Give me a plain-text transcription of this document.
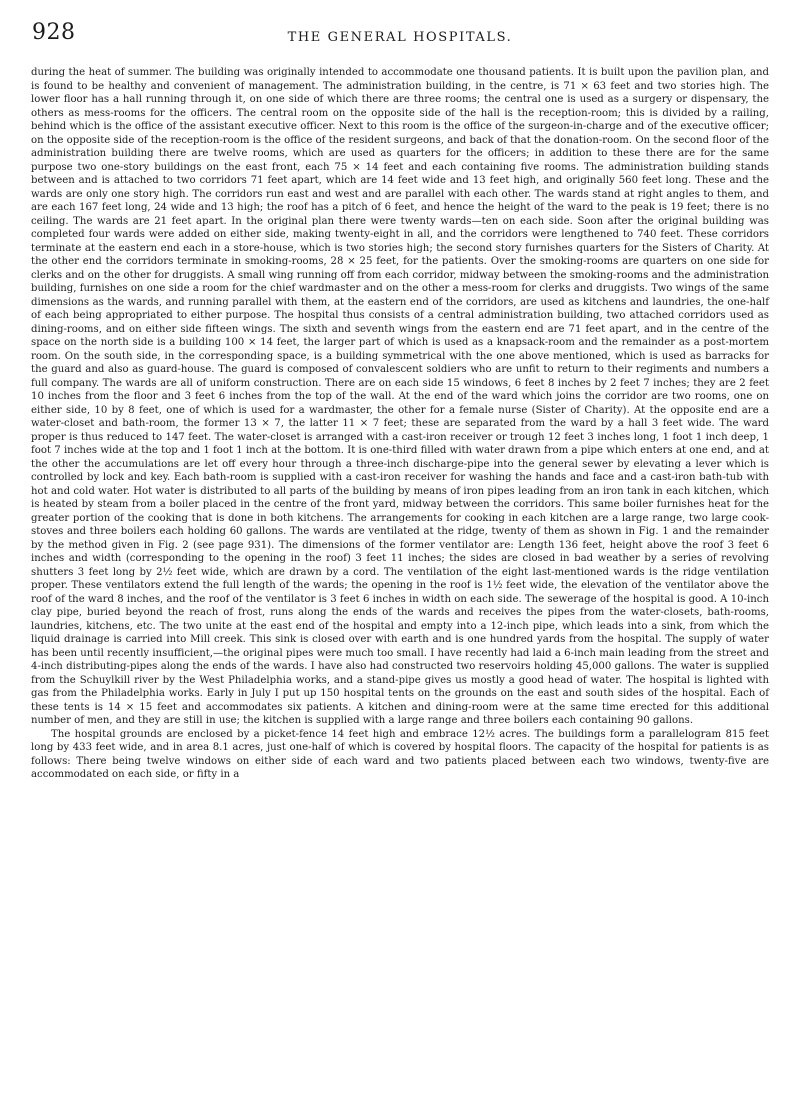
928	THE GENERAL HOSPITALS.

during the heat of summer. The building was originally intended to accommodate one thousand patients. It is built upon the pavilion plan, and is found to be healthy and convenient of management. The administration building, in the centre, is 71 × 63 feet and two stories high. The lower floor has a hall running through it, on one side of which there are three rooms; the central one is used as a surgery or dispensary, the others as mess-rooms for the officers. The central room on the opposite side of the hall is the reception-room; this is divided by a railing, behind which is the office of the assistant executive officer. Next to this room is the office of the surgeon-in-charge and of the executive officer; on the opposite side of the reception-room is the office of the resident surgeons, and back of that the donation-room. On the second floor of the administration building there are twelve rooms, which are used as quarters for the officers; in addition to these there are for the same purpose two one-story buildings on the east front, each 75 × 14 feet and each containing five rooms. The administration building stands between and is attached to two corridors 71 feet apart, which are 14 feet wide and 13 feet high, and originally 560 feet long. These and the wards are only one story high. The corridors run east and west and are parallel with each other. The wards stand at right angles to them, and are each 167 feet long, 24 wide and 13 high; the roof has a pitch of 6 feet, and hence the height of the ward to the peak is 19 feet; there is no ceiling. The wards are 21 feet apart. In the original plan there were twenty wards—ten on each side. Soon after the original building was completed four wards were added on either side, making twenty-eight in all, and the corridors were lengthened to 740 feet. These corridors terminate at the eastern end each in a store-house, which is two stories high; the second story furnishes quarters for the Sisters of Charity. At the other end the corridors terminate in smoking-rooms, 28 × 25 feet, for the patients. Over the smoking-rooms are quarters on one side for clerks and on the other for druggists. A small wing running off from each corridor, midway between the smoking-rooms and the administration building, furnishes on one side a room for the chief wardmaster and on the other a mess-room for clerks and druggists. Two wings of the same dimensions as the wards, and running parallel with them, at the eastern end of the corridors, are used as kitchens and laundries, the one-half of each being appropriated to either purpose. The hospital thus consists of a central administration building, two attached corridors used as dining-rooms, and on either side fifteen wings. The sixth and seventh wings from the eastern end are 71 feet apart, and in the centre of the space on the north side is a building 100 × 14 feet, the larger part of which is used as a knapsack-room and the remainder as a post-mortem room. On the south side, in the corresponding space, is a building symmetrical with the one above mentioned, which is used as barracks for the guard and also as guard-house. The guard is composed of convalescent soldiers who are unfit to return to their regiments and numbers a full company. The wards are all of uniform construction. There are on each side 15 windows, 6 feet 8 inches by 2 feet 7 inches; they are 2 feet 10 inches from the floor and 3 feet 6 inches from the top of the wall. At the end of the ward which joins the corridor are two rooms, one on either side, 10 by 8 feet, one of which is used for a wardmaster, the other for a female nurse (Sister of Charity). At the opposite end are a water-closet and bath-room, the former 13 × 7, the latter 11 × 7 feet; these are separated from the ward by a hall 3 feet wide. The ward proper is thus reduced to 147 feet. The water-closet is arranged with a cast-iron receiver or trough 12 feet 3 inches long, 1 foot 1 inch deep, 1 foot 7 inches wide at the top and 1 foot 1 inch at the bottom. It is one-third filled with water drawn from a pipe which enters at one end, and at the other the accumulations are let off every hour through a three-inch discharge-pipe into the general sewer by elevating a lever which is controlled by lock and key. Each bath-room is supplied with a cast-iron receiver for washing the hands and face and a cast-iron bath-tub with hot and cold water. Hot water is distributed to all parts of the building by means of iron pipes leading from an iron tank in each kitchen, which is heated by steam from a boiler placed in the centre of the front yard, midway between the corridors. This same boiler furnishes heat for the greater portion of the cooking that is done in both kitchens. The arrangements for cooking in each kitchen are a large range, two large cook-stoves and three boilers each holding 60 gallons. The wards are ventilated at the ridge, twenty of them as shown in Fig. 1 and the remainder by the method given in Fig. 2 (see page 931). The dimensions of the former ventilator are: Length 136 feet, height above the roof 3 feet 6 inches and width (corresponding to the opening in the roof) 3 feet 11 inches; the sides are closed in bad weather by a series of revolving shutters 3 feet long by 2½ feet wide, which are drawn by a cord. The ventilation of the eight last-mentioned wards is the ridge ventilation proper. These ventilators extend the full length of the wards; the opening in the roof is 1½ feet wide, the elevation of the ventilator above the roof of the ward 8 inches, and the roof of the ventilator is 3 feet 6 inches in width on each side. The sewerage of the hospital is good. A 10-inch clay pipe, buried beyond the reach of frost, runs along the ends of the wards and receives the pipes from the water-closets, bath-rooms, laundries, kitchens, etc. The two unite at the east end of the hospital and empty into a 12-inch pipe, which leads into a sink, from which the liquid drainage is carried into Mill creek. This sink is closed over with earth and is one hundred yards from the hospital. The supply of water has been until recently insufficient,—the original pipes were much too small. I have recently had laid a 6-inch main leading from the street and 4-inch distributing-pipes along the ends of the wards. I have also had constructed two reservoirs holding 45,000 gallons. The water is supplied from the Schuylkill river by the West Philadelphia works, and a stand-pipe gives us mostly a good head of water. The hospital is lighted with gas from the Philadelphia works. Early in July I put up 150 hospital tents on the grounds on the east and south sides of the hospital. Each of these tents is 14 × 15 feet and accommodates six patients. A kitchen and dining-room were at the same time erected for this additional number of men, and they are still in use; the kitchen is supplied with a large range and three boilers each containing 90 gallons.

The hospital grounds are enclosed by a picket-fence 14 feet high and embrace 12½ acres. The buildings form a parallelogram 815 feet long by 433 feet wide, and in area 8.1 acres, just one-half of which is covered by hospital floors. The capacity of the hospital for patients is as follows: There being twelve windows on either side of each ward and two patients placed between each two windows, twenty-five are accommodated on each side, or fifty in a
